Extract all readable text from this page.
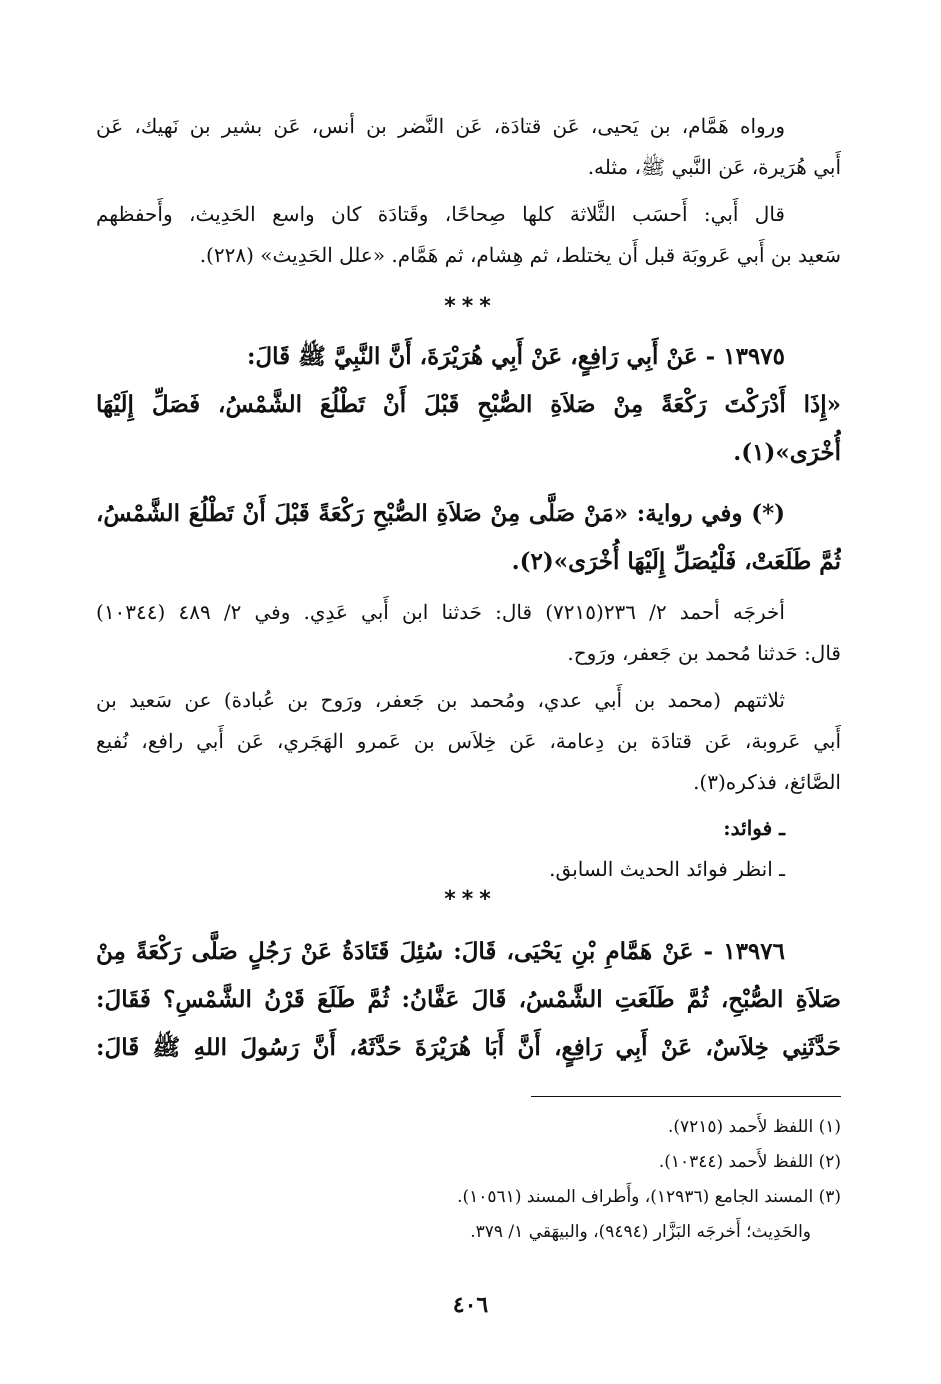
ورواه هَمَّام، بن يَحيى، عَن قتادَة، عَن النَّضر بن أنس، عَن بشير بن نَهيك، عَن
أَبي هُرَيرة، عَن النَّبي ﷺ، مثله.
قال أَبي: أَحسَب الثَّلاثة كلها صِحاحًا، وقَتادَة كان واسع الحَدِيث، وأَحفظهم
سَعيد بن أَبي عَروبَة قبل أَن يختلط، ثم هِشام، ثم هَمَّام. «علل الحَدِيث» (٢٢٨).
***
١٣٩٧٥ - عَنْ أَبِي رَافِعٍ، عَنْ أَبِي هُرَيْرَةَ، أَنَّ النَّبِيَّ ﷺ قَالَ:
«إِذَا أَدْرَكْتَ رَكْعَةً مِنْ صَلاَةِ الصُّبْحِ قَبْلَ أَنْ تَطْلُعَ الشَّمْسُ، فَصَلِّ إِلَيْهَا
أُخْرَى»(١).
(*) وفي رواية: «مَنْ صَلَّى مِنْ صَلاَةِ الصُّبْحِ رَكْعَةً قَبْلَ أَنْ تَطْلُعَ الشَّمْسُ،
ثُمَّ طَلَعَتْ، فَلْيُصَلِّ إِلَيْهَا أُخْرَى»(٢).
أخرجَه أحمد ٢/ ٢٣٦(٧٢١٥) قال: حَدثنا ابن أَبي عَدِي. وفي ٢/ ٤٨٩ (١٠٣٤٤)
قال: حَدثنا مُحمد بن جَعفر، ورَوح.
ثلاثتهم (محمد بن أَبي عدي، ومُحمد بن جَعفر، ورَوح بن عُبادة) عن سَعيد بن
أَبي عَروبة، عَن قتادَة بن دِعامة، عَن خِلاَس بن عَمرو الهَجَري، عَن أَبي رافع، نُفيع
الصَّائغ، فذكره(٣).
ـ فوائد:
ـ انظر فوائد الحديث السابق.
***
١٣٩٧٦ - عَنْ هَمَّامِ بْنِ يَحْيَى، قَالَ: سُئِلَ قَتَادَةُ عَنْ رَجُلٍ صَلَّى رَكْعَةً مِنْ
صَلاَةِ الصُّبْحِ، ثُمَّ طَلَعَتِ الشَّمْسُ، قَالَ عَفَّانُ: ثُمَّ طَلَعَ قَرْنُ الشَّمْسِ؟ فَقَالَ:
حَدَّثَنِي خِلاَسٌ، عَنْ أَبِي رَافِعٍ، أَنَّ أَبَا هُرَيْرَةَ حَدَّثَهُ، أَنَّ رَسُولَ اللهِ ﷺ قَالَ:
(١) اللفظ لأَحمد (٧٢١٥).
(٢) اللفظ لأَحمد (١٠٣٤٤).
(٣) المسند الجامع (١٢٩٣٦)، وأَطراف المسند (١٠٥٦١).
والحَدِيث؛ أَخرجَه البَزَّار (٩٤٩٤)، والبيهَقي ١/ ٣٧٩.
٤٠٦
